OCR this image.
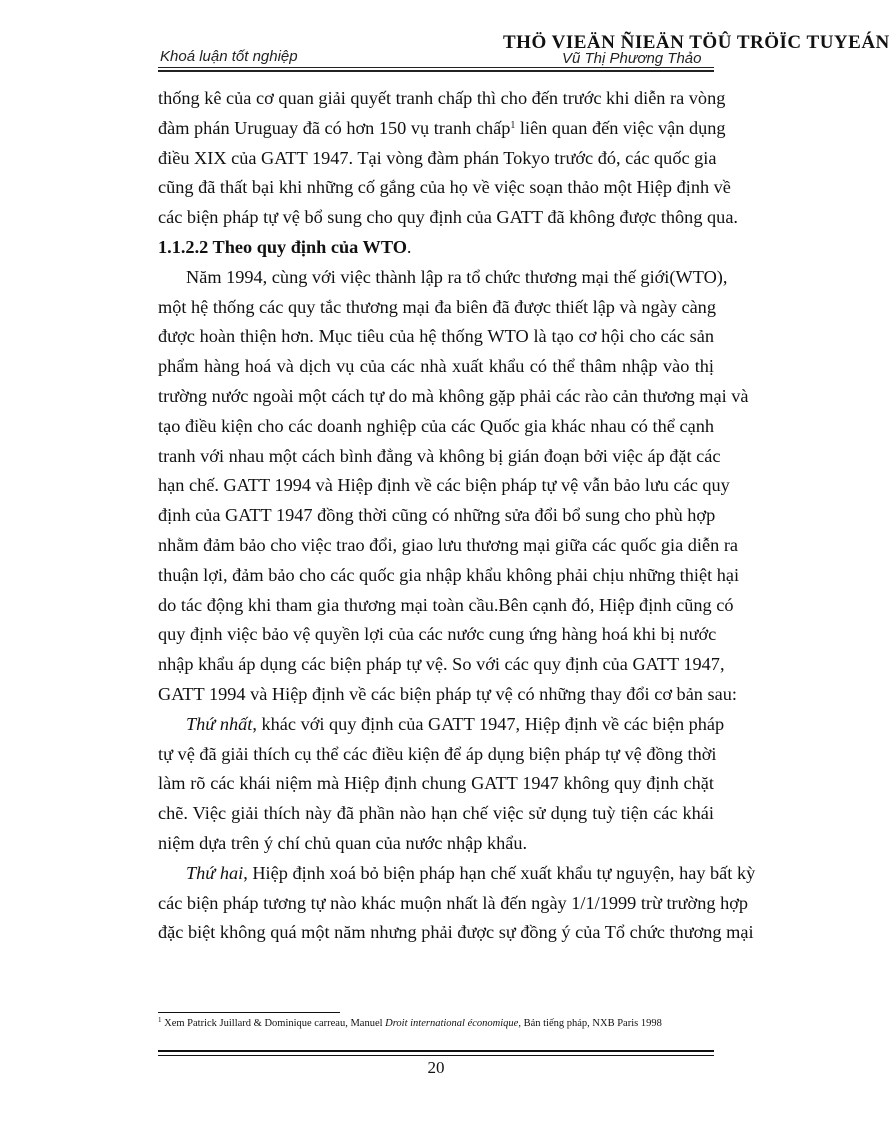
THÖ VIEÄN ÑIEÄN TÖÛ TRÖÏC TUYEÁN
Khoá luận tốt nghiệp	Vũ Thị Phương Thảo
thống kê của cơ quan giải quyết tranh chấp thì cho đến trước khi diễn ra vòng
đàm phán Uruguay đã có hơn 150 vụ tranh chấp$^1$ liên quan đến việc vận dụng
điều XIX của GATT 1947. Tại vòng đàm phán Tokyo trước đó, các quốc gia
cũng đã thất bại khi những cố gắng của họ về việc soạn thảo một Hiệp định về
các biện pháp tự vệ bổ sung cho quy định của GATT đã không được thông qua.
1.1.2.2 Theo quy định của WTO.
Năm 1994, cùng với việc thành lập ra tổ chức thương mại thế giới(WTO),
một hệ thống các quy tắc thương mại đa biên đã được thiết lập và ngày càng
được hoàn thiện hơn. Mục tiêu của hệ thống WTO là tạo cơ hội cho các sản
phẩm hàng hoá và dịch vụ của các nhà xuất khẩu có thể thâm nhập vào thị
trường nước ngoài một cách tự do mà không gặp phải các rào cản thương mại và
tạo điều kiện cho các doanh nghiệp của các Quốc gia khác nhau có thể cạnh
tranh với nhau một cách bình đẳng và không bị gián đoạn bởi việc áp đặt các
hạn chế. GATT 1994 và Hiệp định về các biện pháp tự vệ vẫn bảo lưu các quy
định của GATT 1947 đồng thời cũng có những sửa đổi bổ sung cho phù hợp
nhằm đảm bảo cho việc trao đổi, giao lưu thương mại giữa các quốc gia diễn ra
thuận lợi, đảm bảo cho các quốc gia nhập khẩu không phải chịu những thiệt hại
do tác động khi tham gia thương mại toàn cầu.Bên cạnh đó, Hiệp định cũng có
quy định việc bảo vệ quyền lợi của các nước cung ứng hàng hoá khi bị nước
nhập khẩu áp dụng các biện pháp tự vệ. So với các quy định của GATT 1947,
GATT 1994 và Hiệp định về các biện pháp tự vệ có những thay đổi cơ bản sau:
Thứ nhất, khác với quy định của GATT 1947, Hiệp định về các biện pháp
tự vệ đã giải thích cụ thể các điều kiện để áp dụng biện pháp tự vệ đồng thời
làm rõ các khái niệm mà Hiệp định chung GATT 1947 không quy định chặt
chẽ. Việc giải thích này đã phần nào hạn chế việc sử dụng tuỳ tiện các khái
niệm dựa trên ý chí chủ quan của nước nhập khẩu.
Thứ hai, Hiệp định xoá bỏ biện pháp hạn chế xuất khẩu tự nguyện, hay bất kỳ
các biện pháp tương tự nào khác muộn nhất là đến ngày 1/1/1999 trừ trường hợp
đặc biệt không quá một năm nhưng phải được sự đồng ý của Tổ chức thương mại
$^1$ Xem Patrick Juillard & Dominique carreau, Manuel Droit international économique, Bản tiếng pháp, NXB Paris 1998
20
